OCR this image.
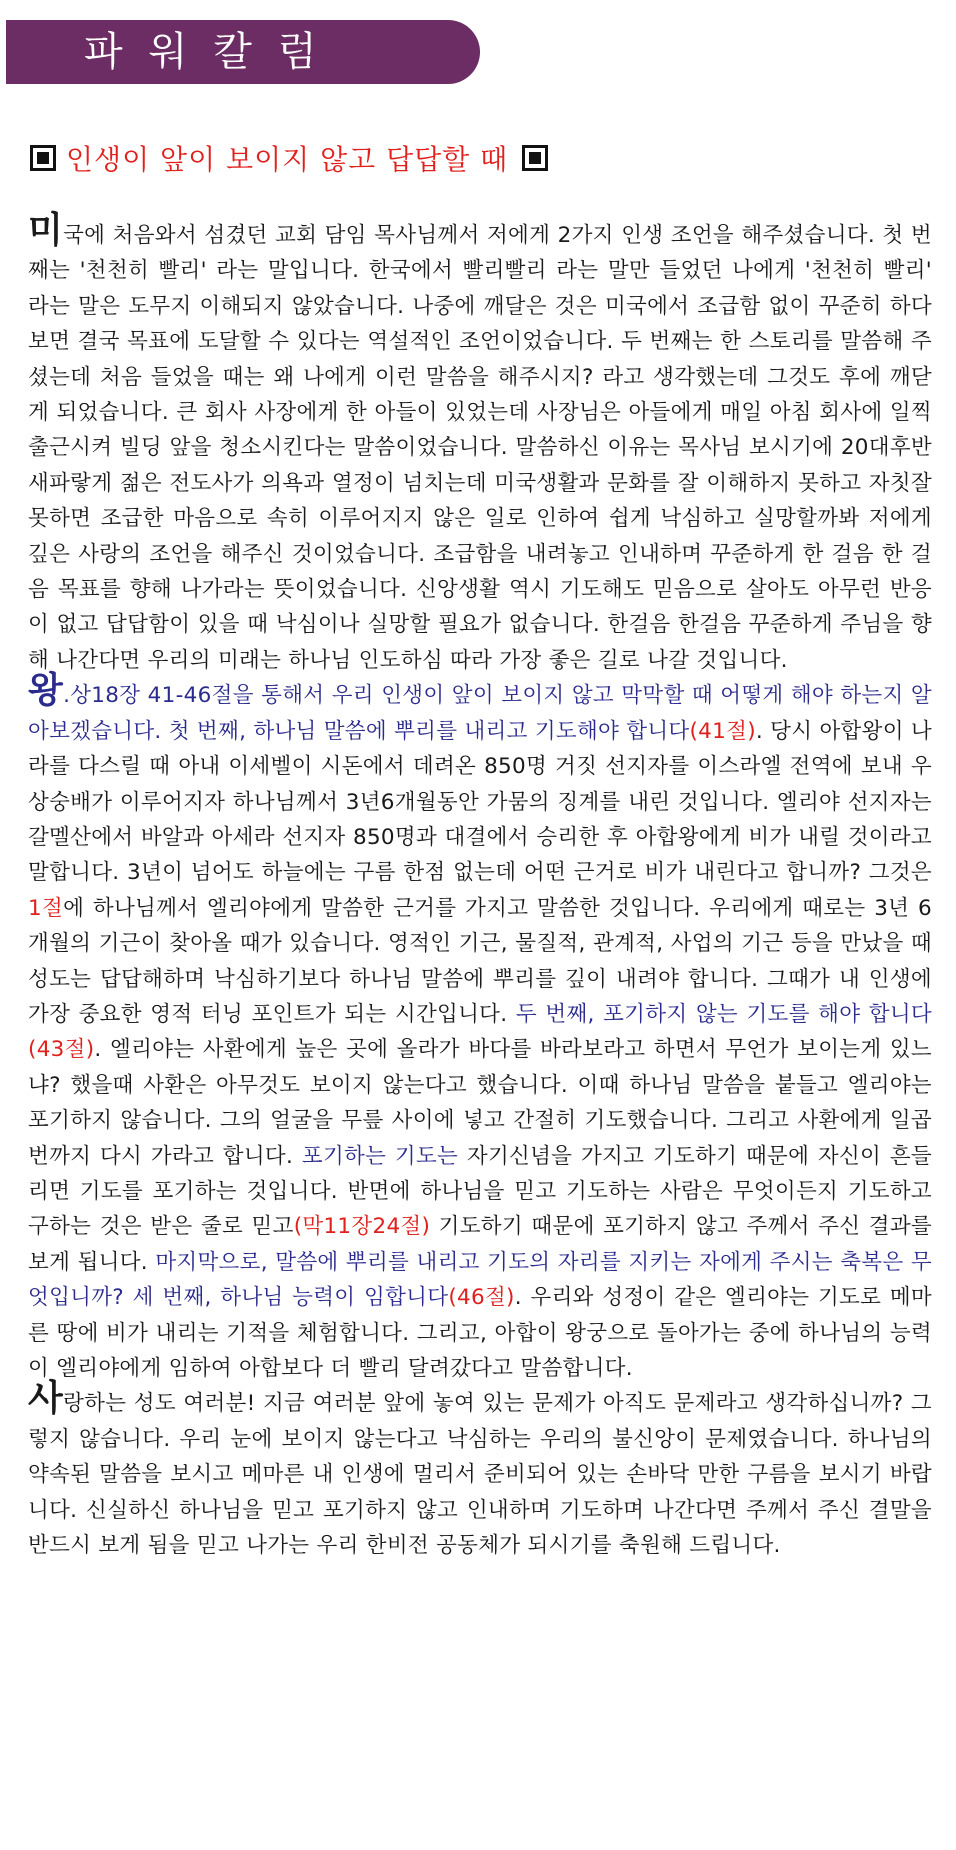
파워칼럼
인생이 앞이 보이지 않고 답답할 때

미국에 처음와서 섬겼던 교회 담임 목사님께서 저에게 2가지 인생 조언을 해주셨습니다. 첫 번째는 '천천히 빨리' 라는 말입니다. 한국에서 빨리빨리 라는 말만 들었던 나에게 '천천히 빨리' 라는 말은 도무지 이해되지 않았습니다. 나중에 깨달은 것은 미국에서 조급함 없이 꾸준히 하다보면 결국 목표에 도달할 수 있다는 역설적인 조언이었습니다. 두 번째는 한 스토리를 말씀해 주셨는데 처음 들었을 때는 왜 나에게 이런 말씀을 해주시지? 라고 생각했는데 그것도 후에 깨닫게 되었습니다. 큰 회사 사장에게 한 아들이 있었는데 사장님은 아들에게 매일 아침 회사에 일찍 출근시켜 빌딩 앞을 청소시킨다는 말씀이었습니다. 말씀하신 이유는 목사님 보시기에 20대후반 새파랗게 젊은 전도사가 의욕과 열정이 넘치는데 미국생활과 문화를 잘 이해하지 못하고 자칫잘못하면 조급한 마음으로 속히 이루어지지 않은 일로 인하여 쉽게 낙심하고 실망할까봐 저에게 깊은 사랑의 조언을 해주신 것이었습니다. 조급함을 내려놓고 인내하며 꾸준하게 한 걸음 한 걸음 목표를 향해 나가라는 뜻이었습니다. 신앙생활 역시 기도해도 믿음으로 살아도 아무런 반응이 없고 답답함이 있을 때 낙심이나 실망할 필요가 없습니다. 한걸음 한걸음 꾸준하게 주님을 향해 나간다면 우리의 미래는 하나님 인도하심 따라 가장 좋은 길로 나갈 것입니다.

왕.상18장 41-46절을 통해서 우리 인생이 앞이 보이지 않고 막막할 때 어떻게 해야 하는지 알아보겠습니다. 첫 번째, 하나님 말씀에 뿌리를 내리고 기도해야 합니다(41절). 당시 아합왕이 나라를 다스릴 때 아내 이세벨이 시돈에서 데려온 850명 거짓 선지자를 이스라엘 전역에 보내 우상숭배가 이루어지자 하나님께서 3년6개월동안 가뭄의 징계를 내린 것입니다. 엘리야 선지자는 갈멜산에서 바알과 아세라 선지자 850명과 대결에서 승리한 후 아합왕에게 비가 내릴 것이라고 말합니다. 3년이 넘어도 하늘에는 구름 한점 없는데 어떤 근거로 비가 내린다고 합니까? 그것은 1절에 하나님께서 엘리야에게 말씀한 근거를 가지고 말씀한 것입니다. 우리에게 때로는 3년 6개월의 기근이 찾아올 때가 있습니다. 영적인 기근, 물질적, 관계적, 사업의 기근 등을 만났을 때 성도는 답답해하며 낙심하기보다 하나님 말씀에 뿌리를 깊이 내려야 합니다. 그때가 내 인생에 가장 중요한 영적 터닝 포인트가 되는 시간입니다. 두 번째, 포기하지 않는 기도를 해야 합니다(43절). 엘리야는 사환에게 높은 곳에 올라가 바다를 바라보라고 하면서 무언가 보이는게 있느냐? 했을때 사환은 아무것도 보이지 않는다고 했습니다. 이때 하나님 말씀을 붙들고 엘리야는 포기하지 않습니다. 그의 얼굴을 무릎 사이에 넣고 간절히 기도했습니다. 그리고 사환에게 일곱번까지 다시 가라고 합니다. 포기하는 기도는 자기신념을 가지고 기도하기 때문에 자신이 흔들리면 기도를 포기하는 것입니다. 반면에 하나님을 믿고 기도하는 사람은 무엇이든지 기도하고 구하는 것은 받은 줄로 믿고(막11장24절) 기도하기 때문에 포기하지 않고 주께서 주신 결과를 보게 됩니다. 마지막으로, 말씀에 뿌리를 내리고 기도의 자리를 지키는 자에게 주시는 축복은 무엇입니까? 세 번째, 하나님 능력이 임합니다(46절). 우리와 성정이 같은 엘리야는 기도로 메마른 땅에 비가 내리는 기적을 체험합니다. 그리고, 아합이 왕궁으로 돌아가는 중에 하나님의 능력이 엘리야에게 임하여 아합보다 더 빨리 달려갔다고 말씀합니다.

사랑하는 성도 여러분! 지금 여러분 앞에 놓여 있는 문제가 아직도 문제라고 생각하십니까? 그렇지 않습니다. 우리 눈에 보이지 않는다고 낙심하는 우리의 불신앙이 문제였습니다. 하나님의 약속된 말씀을 보시고 메마른 내 인생에 멀리서 준비되어 있는 손바닥 만한 구름을 보시기 바랍니다. 신실하신 하나님을 믿고 포기하지 않고 인내하며 기도하며 나간다면 주께서 주신 결말을 반드시 보게 됨을 믿고 나가는 우리 한비전 공동체가 되시기를 축원해 드립니다.
